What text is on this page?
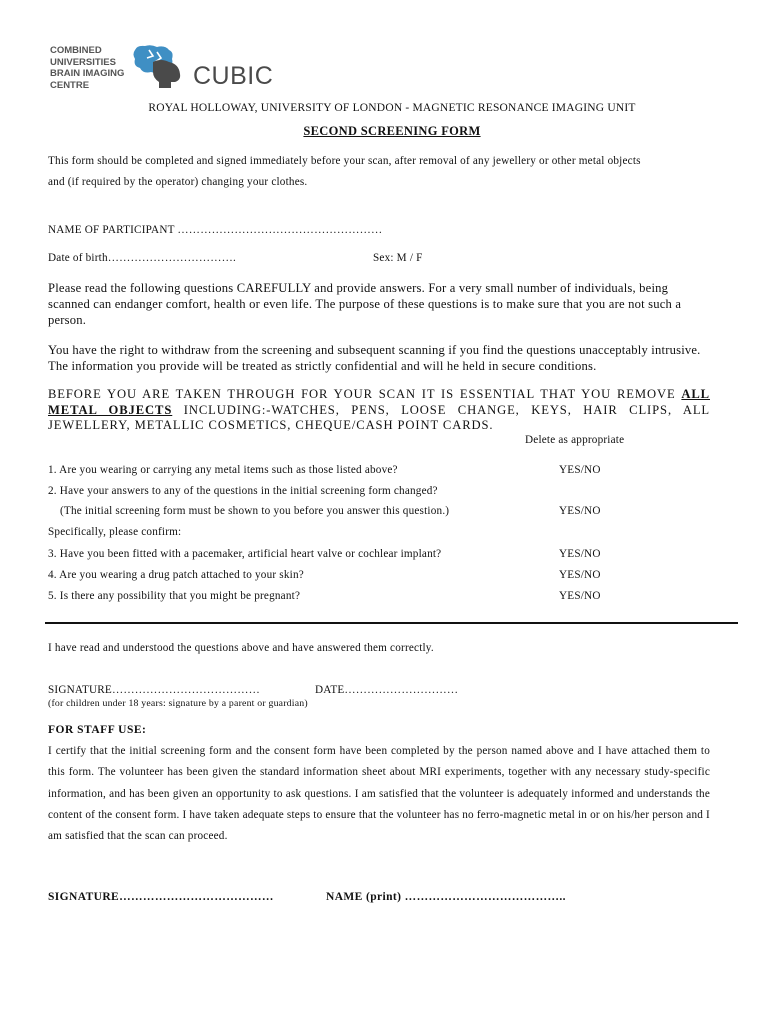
COMBINED
UNIVERSITIES
BRAIN IMAGING
CENTRE	CUBIC
ROYAL HOLLOWAY, UNIVERSITY OF LONDON - MAGNETIC RESONANCE IMAGING UNIT
SECOND SCREENING FORM
This form should be completed and signed immediately before your scan, after removal of any jewellery or other metal objects
and (if required by the operator) changing your clothes.
NAME OF PARTICIPANT ………………………………………………
Date of birth…………………………….	Sex: M / F
Please read the following questions CAREFULLY and provide answers. For a very small number of individuals, being scanned can endanger comfort, health or even life. The purpose of these questions is to make sure that you are not such a person.
You have the right to withdraw from the screening and subsequent scanning if you find the questions unacceptably intrusive. The information you provide will be treated as strictly confidential and will he held in secure conditions.
BEFORE YOU ARE TAKEN THROUGH FOR YOUR SCAN IT IS ESSENTIAL THAT YOU REMOVE ALL METAL OBJECTS INCLUDING:-WATCHES, PENS, LOOSE CHANGE, KEYS, HAIR CLIPS, ALL JEWELLERY, METALLIC COSMETICS, CHEQUE/CASH POINT CARDS.
Delete as appropriate
1. Are you wearing or carrying any metal items such as those listed above?	YES/NO
2. Have your answers to any of the questions in the initial screening form changed?
(The initial screening form must be shown to you before you answer this question.)	YES/NO
Specifically, please confirm:
3. Have you been fitted with a pacemaker, artificial heart valve or cochlear implant?	YES/NO
4. Are you wearing a drug patch attached to your skin?	YES/NO
5. Is there any possibility that you might be pregnant?	YES/NO
I have read and understood the questions above and have answered them correctly.
SIGNATURE…………………………………	DATE…………………………
(for children under 18 years: signature by a parent or guardian)
FOR STAFF USE:
I certify that the initial screening form and the consent form have been completed by the person named above and I have attached them to this form. The volunteer has been given the standard information sheet about MRI experiments, together with any necessary study-specific information, and has been given an opportunity to ask questions. I am satisfied that the volunteer is adequately informed and understands the content of the consent form. I have taken adequate steps to ensure that the volunteer has no ferro-magnetic metal in or on his/her person and I am satisfied that the scan can proceed.
SIGNATURE…………………………………	NAME (print) …………………………………..
